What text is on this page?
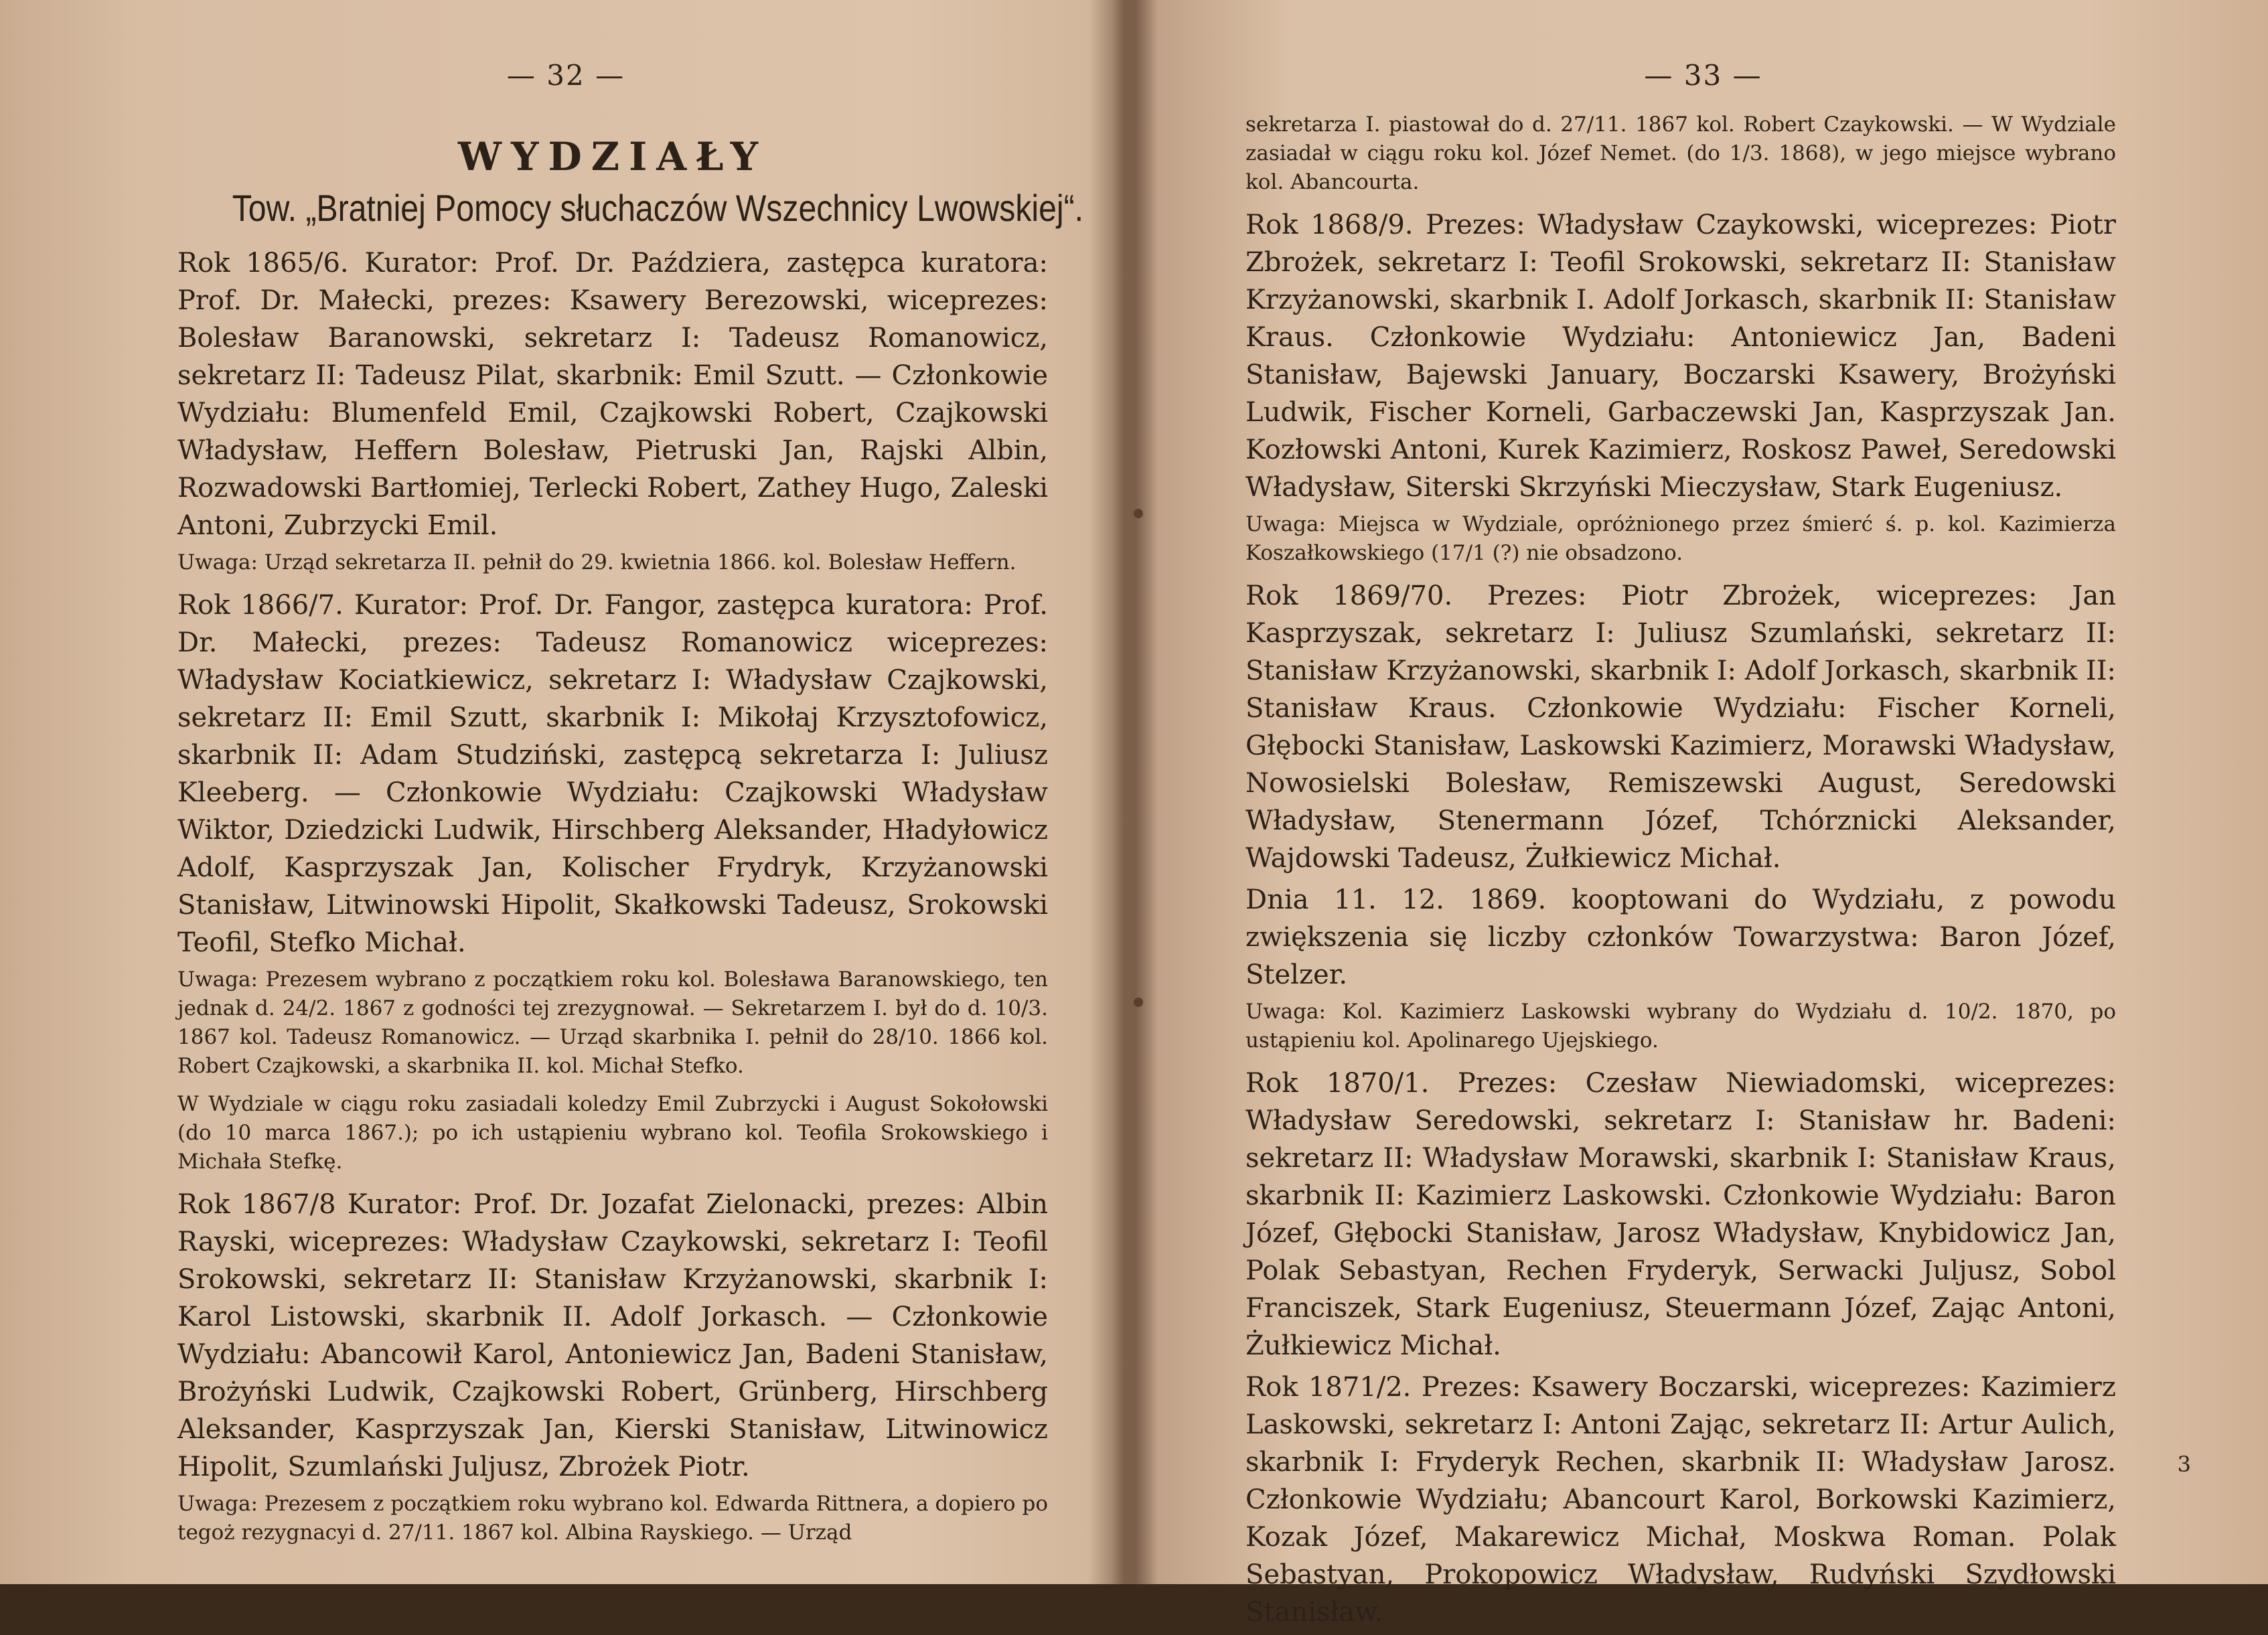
— 32 —
WYDZIAŁY
Tow. „Bratniej Pomocy słuchaczów Wszechnicy Lwowskiej“.

Rok 1865/6. Kurator: Prof. Dr. Paździera, zastępca kuratora: Prof. Dr. Małecki, prezes: Ksawery Berezowski, wiceprezes: Bolesław Baranowski, sekretarz I: Tadeusz Romanowicz, sekretarz II: Tadeusz Pilat, skarbnik: Emil Szutt. — Członkowie Wydziału: Blumenfeld Emil, Czajkowski Robert, Czajkowski Władysław, Heffern Bolesław, Pietruski Jan, Rajski Albin, Rozwadowski Bartłomiej, Terlecki Robert, Zathey Hugo, Zaleski Antoni, Zubrzycki Emil.

Uwaga: Urząd sekretarza II. pełnił do 29. kwietnia 1866. kol. Bolesław Heffern.

Rok 1866/7. Kurator: Prof. Dr. Fangor, zastępca kuratora: Prof. Dr. Małecki, prezes: Tadeusz Romanowicz wiceprezes: Władysław Kociatkiewicz, sekretarz I: Władysław Czajkowski, sekretarz II: Emil Szutt, skarbnik I: Mikołaj Krzysztofowicz, skarbnik II: Adam Studziński, zastępcą sekretarza I: Juliusz Kleeberg. — Członkowie Wydziału: Czajkowski Władysław Wiktor, Dziedzicki Ludwik, Hirschberg Aleksander, Hładyłowicz Adolf, Kasprzyszak Jan, Kolischer Frydryk, Krzyżanowski Stanisław, Litwinowski Hipolit, Skałkowski Tadeusz, Srokowski Teofil, Stefko Michał.

Uwaga: Prezesem wybrano z początkiem roku kol. Bolesława Baranowskiego, ten jednak d. 24/2. 1867 z godności tej zrezygnował. — Sekretarzem I. był do d. 10/3. 1867 kol. Tadeusz Romanowicz. — Urząd skarbnika I. pełnił do 28/10. 1866 kol. Robert Czajkowski, a skarbnika II. kol. Michał Stefko.

W Wydziale w ciągu roku zasiadali koledzy Emil Zubrzycki i August Sokołowski (do 10 marca 1867.); po ich ustąpieniu wybrano kol. Teofila Srokowskiego i Michała Stefkę.

Rok 1867/8 Kurator: Prof. Dr. Jozafat Zielonacki, prezes: Albin Rayski, wiceprezes: Władysław Czaykowski, sekretarz I: Teofil Srokowski, sekretarz II: Stanisław Krzyżanowski, skarbnik I: Karol Listowski, skarbnik II. Adolf Jorkasch. — Członkowie Wydziału: Abancowił Karol, Antoniewicz Jan, Badeni Stanisław, Brożyński Ludwik, Czajkowski Robert, Grünberg, Hirschberg Aleksander, Kasprzyszak Jan, Kierski Stanisław, Litwinowicz Hipolit, Szumlański Juljusz, Zbrożek Piotr.

Uwaga: Prezesem z początkiem roku wybrano kol. Edwarda Rittnera, a dopiero po tegoż rezygnacyi d. 27/11. 1867 kol. Albina Rayskiego. — Urząd

— 33 —

sekretarza I. piastował do d. 27/11. 1867 kol. Robert Czaykowski. — W Wydziale zasiadał w ciągu roku kol. Józef Nemet. (do 1/3. 1868), w jego miejsce wybrano kol. Abancourta.

Rok 1868/9. Prezes: Władysław Czaykowski, wiceprezes: Piotr Zbrożek, sekretarz I: Teofil Srokowski, sekretarz II: Stanisław Krzyżanowski, skarbnik I. Adolf Jorkasch, skarbnik II: Stanisław Kraus. Członkowie Wydziału: Antoniewicz Jan, Badeni Stanisław, Bajewski January, Boczarski Ksawery, Brożyński Ludwik, Fischer Korneli, Garbaczewski Jan, Kasprzyszak Jan. Kozłowski Antoni, Kurek Kazimierz, Roskosz Paweł, Seredowski Władysław, Siterski Skrzyński Mieczysław, Stark Eugeniusz.

Uwaga: Miejsca w Wydziale, opróżnionego przez śmierć ś. p. kol. Kazimierza Koszałkowskiego (17/1 (?) nie obsadzono.

Rok 1869/70. Prezes: Piotr Zbrożek, wiceprezes: Jan Kasprzyszak, sekretarz I: Juliusz Szumlański, sekretarz II: Stanisław Krzyżanowski, skarbnik I: Adolf Jorkasch, skarbnik II: Stanisław Kraus. Członkowie Wydziału: Fischer Korneli, Głębocki Stanisław, Laskowski Kazimierz, Morawski Władysław, Nowosielski Bolesław, Remiszewski August, Seredowski Władysław, Stenermann Józef, Tchórznicki Aleksander, Wajdowski Tadeusz, Żułkiewicz Michał.

Dnia 11. 12. 1869. kooptowani do Wydziału, z powodu zwiększenia się liczby członków Towarzystwa: Baron Józef, Stelzer.

Uwaga: Kol. Kazimierz Laskowski wybrany do Wydziału d. 10/2. 1870, po ustąpieniu kol. Apolinarego Ujejskiego.

Rok 1870/1. Prezes: Czesław Niewiadomski, wiceprezes: Władysław Seredowski, sekretarz I: Stanisław hr. Badeni: sekretarz II: Władysław Morawski, skarbnik I: Stanisław Kraus, skarbnik II: Kazimierz Laskowski. Członkowie Wydziału: Baron Józef, Głębocki Stanisław, Jarosz Władysław, Knybidowicz Jan, Polak Sebastyan, Rechen Fryderyk, Serwacki Juljusz, Sobol Franciszek, Stark Eugeniusz, Steuermann Józef, Zając Antoni, Żułkiewicz Michał.

Rok 1871/2. Prezes: Ksawery Boczarski, wiceprezes: Kazimierz Laskowski, sekretarz I: Antoni Zając, sekretarz II: Artur Aulich, skarbnik I: Fryderyk Rechen, skarbnik II: Władysław Jarosz. Członkowie Wydziału; Abancourt Karol, Borkowski Kazimierz, Kozak Józef, Makarewicz Michał, Moskwa Roman. Polak Sebastyan, Prokopowicz Władysław, Rudyński Szydłowski Stanisław.

3
